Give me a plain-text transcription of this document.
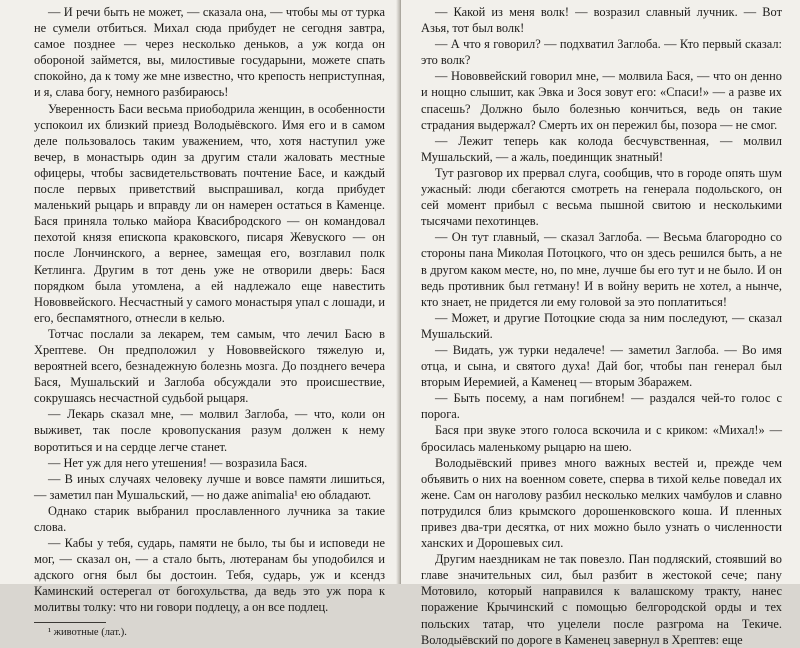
— И речи быть не может, — сказала она, — чтобы мы от турка не сумели отбиться. Михал сюда прибудет не сегодня завтра, самое позднее — через несколько деньков, а уж когда он обороной займется, вы, милостивые государыни, можете спать спокойно, да к тому же мне известно, что крепость неприступная, и я, слава богу, немного разбираюсь!

Уверенность Баси весьма приободрила женщин, в особенности успокоил их близкий приезд Володыёвского. Имя его и в самом деле пользовалось таким уважением, что, хотя наступил уже вечер, в монастырь один за другим стали жаловать местные офицеры, чтобы засвидетельствовать почтение Басе, и каждый после первых приветствий выспрашивал, когда прибудет маленький рыцарь и вправду ли он намерен остаться в Каменце. Бася приняла только майора Квасибродского — он командовал пехотой князя епископа краковского, писаря Жевуского — он после Лончинского, а вернее, замещая его, возглавил полк Кетлинга. Другим в тот день уже не отворили дверь: Бася порядком была утомлена, а ей надлежало еще навестить Нововвейского. Несчастный у самого монастыря упал с лошади, и его, беспамятного, отнесли в келью.

Тотчас послали за лекарем, тем самым, что лечил Басю в Хрептеве. Он предположил у Нововвейского тяжелую и, вероятней всего, безнадежную болезнь мозга. До позднего вечера Бася, Мушальский и Заглоба обсуждали это происшествие, сокрушаясь несчастной судьбой рыцаря.

— Лекарь сказал мне, — молвил Заглоба, — что, коли он выживет, так после кровопускания разум должен к нему воротиться и на сердце легче станет.

— Нет уж для него утешения! — возразила Бася.

— В иных случаях человеку лучше и вовсе памяти лишиться, — заметил пан Мушальский, — но даже animalia¹ ею обладают.

Однако старик выбранил прославленного лучника за такие слова.

— Кабы у тебя, сударь, памяти не было, ты бы и исповеди не мог, — сказал он, — а стало быть, лютеранам бы уподобился и адского огня был бы достоин. Тебя, сударь, уж и ксендз Каминский остерегал от богохульства, да ведь это уж пора к молитвы толку: что ни говори подлецу, а он все подлец.

¹ животные (лат.).

— Какой из меня волк! — возразил славный лучник. — Вот Азья, тот был волк!

— А что я говорил? — подхватил Заглоба. — Кто первый сказал: это волк?

— Нововвейский говорил мне, — молвила Бася, — что он денно и нощно слышит, как Эвка и Зося зовут его: «Спаси!» — а разве их спасешь? Должно было болезнью кончиться, ведь он такие страдания выдержал? Смерть их он пережил бы, позора — не смог.

— Лежит теперь как колода бесчувственная, — молвил Мушальский, — а жаль, поединщик знатный!

Тут разговор их прервал слуга, сообщив, что в городе опять шум ужасный: люди сбегаются смотреть на генерала подольского, он сей момент прибыл с весьма пышной свитою и несколькими тысячами пехотинцев.

— Он тут главный, — сказал Заглоба. — Весьма благородно со стороны пана Миколая Потоцкого, что он здесь решился быть, а не в другом каком месте, но, по мне, лучше бы его тут и не было. И он ведь противник был гетману! И в войну верить не хотел, а нынче, кто знает, не придется ли ему головой за это поплатиться!

— Может, и другие Потоцкие сюда за ним последуют, — сказал Мушальский.

— Видать, уж турки недалече! — заметил Заглоба. — Во имя отца, и сына, и святого духа! Дай бог, чтобы пан генерал был вторым Иеремией, а Каменец — вторым Збаражем.

— Быть посему, а нам погибнем! — раздался чей-то голос с порога.

Бася при звуке этого голоса вскочила и с криком: «Михал!» — бросилась маленькому рыцарю на шею.

Володыёвский привез много важных вестей и, прежде чем объявить о них на военном совете, сперва в тихой келье поведал их жене. Сам он наголову разбил несколько мелких чамбулов и славно потрудился близ крымского дорошенковского коша. И пленных привез два-три десятка, от них можно было узнать о численности ханских и Дорошевых сил.

Другим наездникам не так повезло. Пан подляский, стоявший во главе значительных сил, был разбит в жестокой сече; пану Мотовило, который направился к валашскому тракту, нанес поражение Крычинский с помощью белгородской орды и тех польских татар, что уцелели после разгрома на Текиче. Володыёвский по дороге в Каменец завернул в Хрептев: еще
